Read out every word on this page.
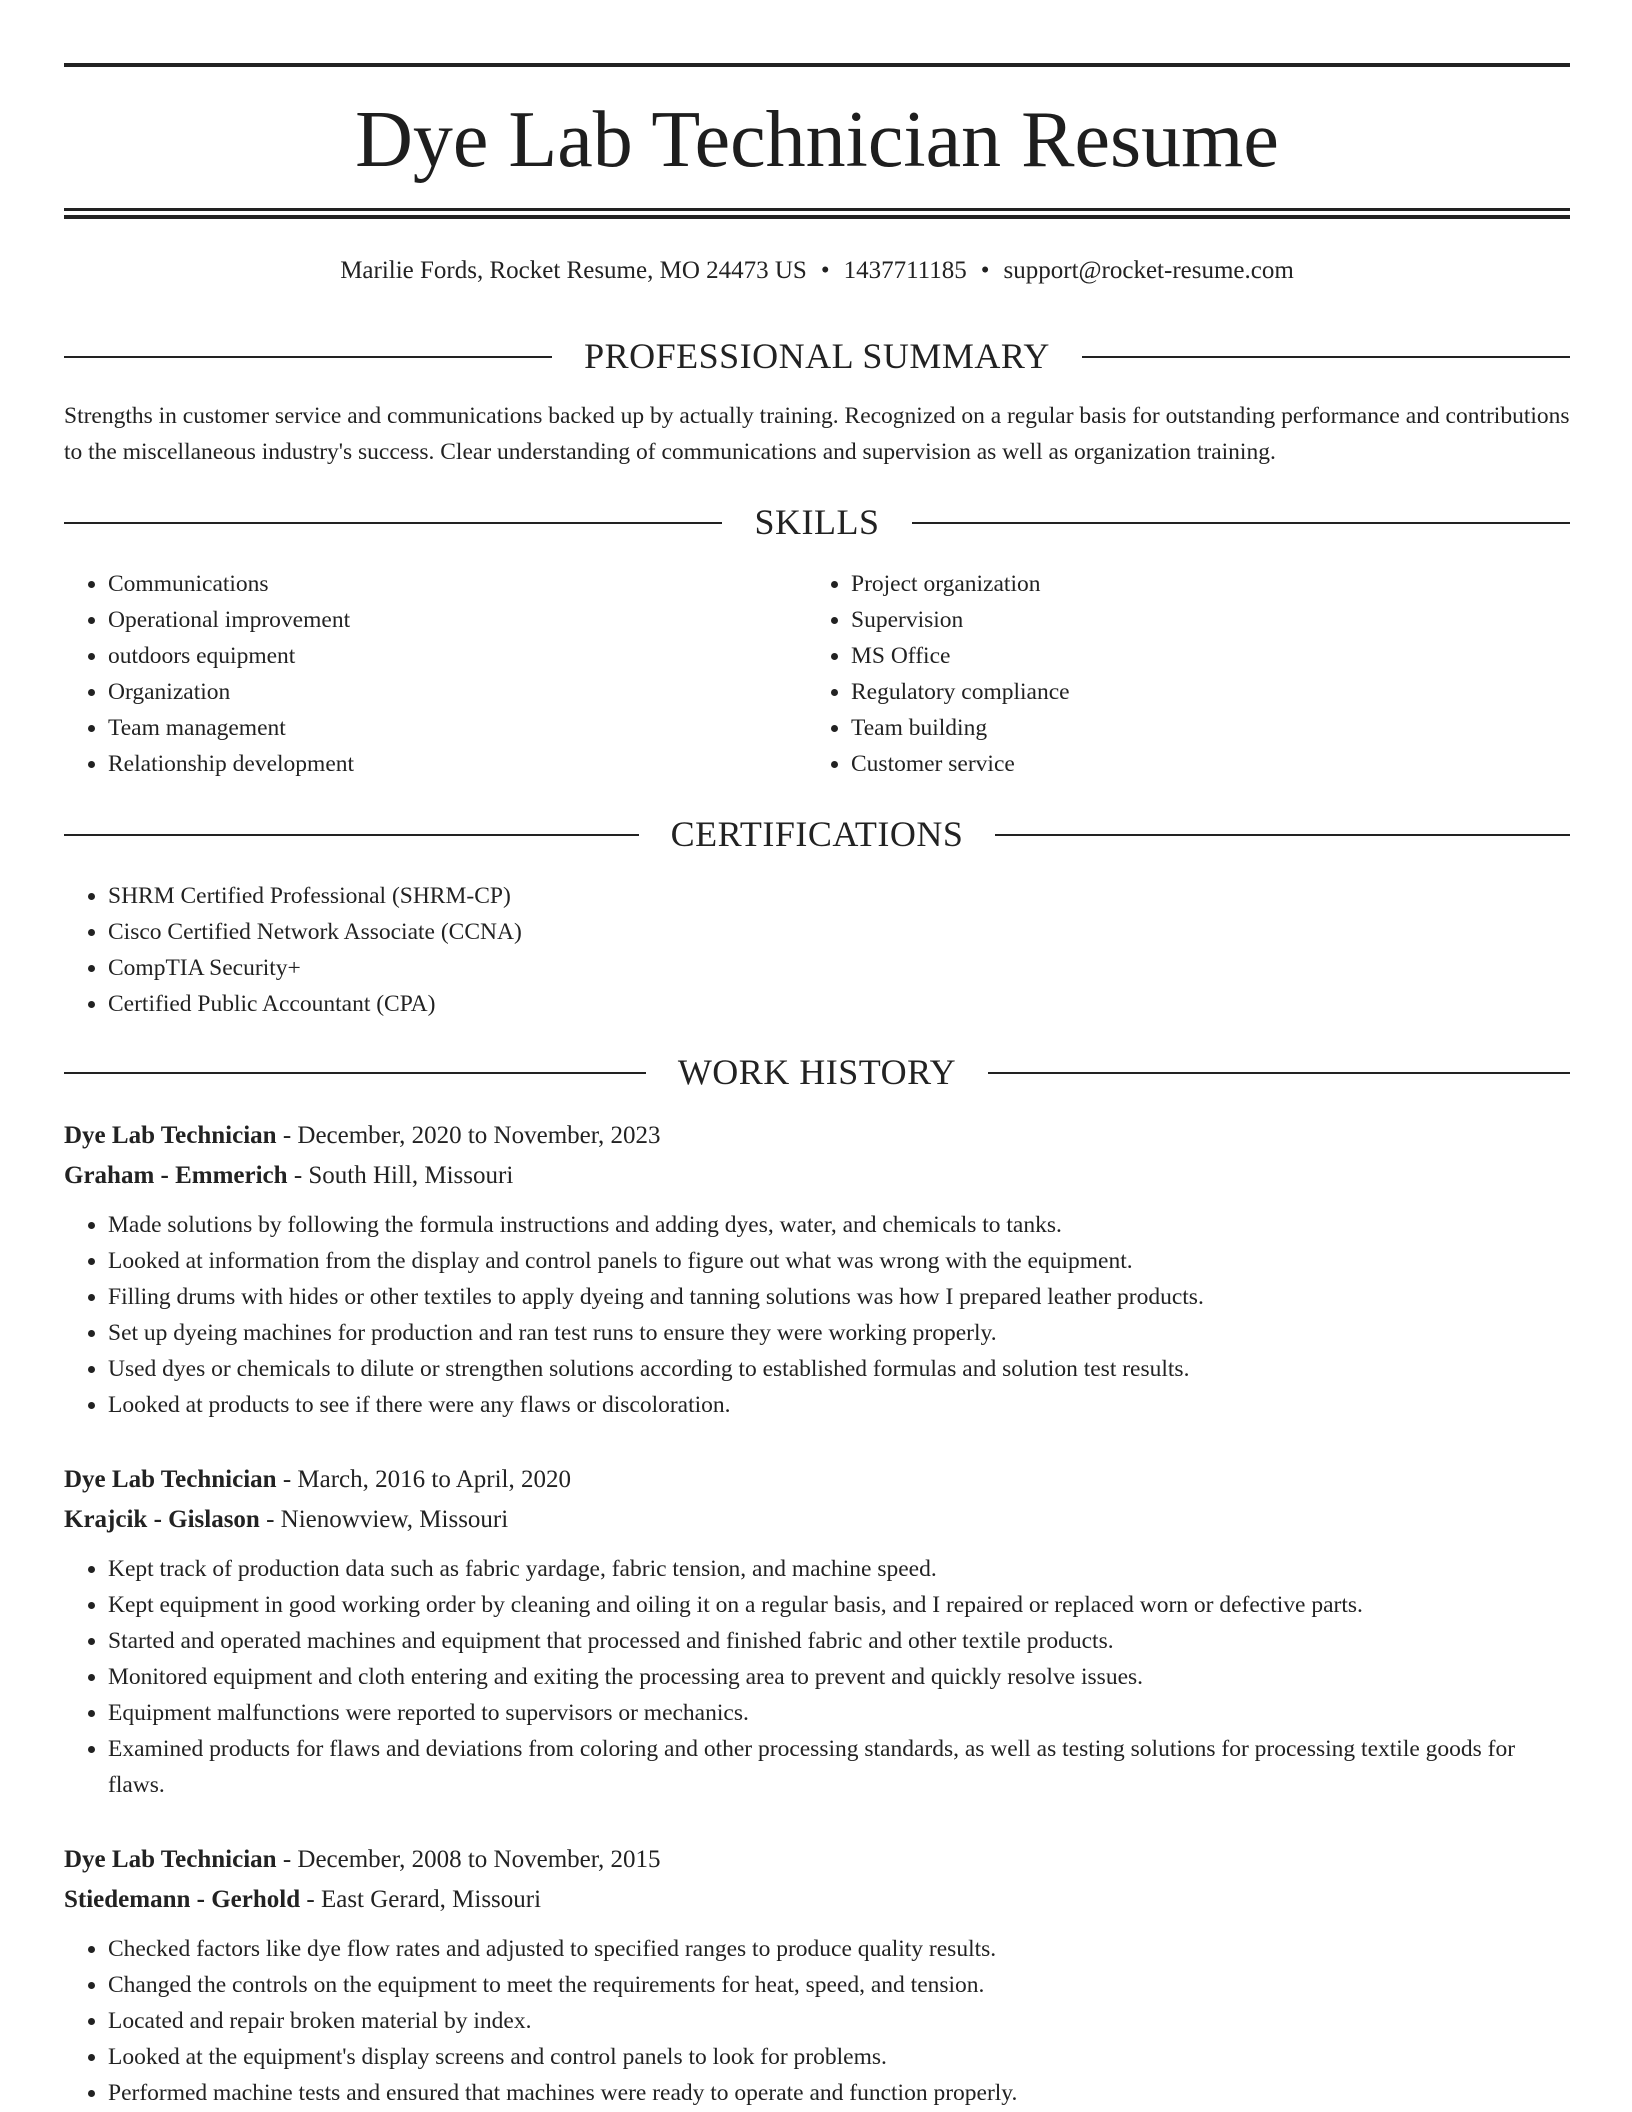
Dye Lab Technician Resume
Marilie Fords, Rocket Resume, MO 24473 US • 1437711185 • support@rocket-resume.com
PROFESSIONAL SUMMARY

Strengths in customer service and communications backed up by actually training. Recognized on a regular basis for outstanding performance and contributions to the miscellaneous industry's success. Clear understanding of communications and supervision as well as organization training.

SKILLS
• Communications
• Operational improvement
• outdoors equipment
• Organization
• Team management
• Relationship development
• Project organization
• Supervision
• MS Office
• Regulatory compliance
• Team building
• Customer service
CERTIFICATIONS
• SHRM Certified Professional (SHRM-CP)
• Cisco Certified Network Associate (CCNA)
• CompTIA Security+
• Certified Public Accountant (CPA)
WORK HISTORY

Dye Lab Technician - December, 2020 to November, 2023

Graham - Emmerich - South Hill, Missouri

• Made solutions by following the formula instructions and adding dyes, water, and chemicals to tanks.
• Looked at information from the display and control panels to figure out what was wrong with the equipment.
• Filling drums with hides or other textiles to apply dyeing and tanning solutions was how I prepared leather products.
• Set up dyeing machines for production and ran test runs to ensure they were working properly.
• Used dyes or chemicals to dilute or strengthen solutions according to established formulas and solution test results.
• Looked at products to see if there were any flaws or discoloration.

Dye Lab Technician - March, 2016 to April, 2020

Krajcik - Gislason - Nienowview, Missouri

• Kept track of production data such as fabric yardage, fabric tension, and machine speed.
• Kept equipment in good working order by cleaning and oiling it on a regular basis, and I repaired or replaced worn or defective parts.
• Started and operated machines and equipment that processed and finished fabric and other textile products.
• Monitored equipment and cloth entering and exiting the processing area to prevent and quickly resolve issues.
• Equipment malfunctions were reported to supervisors or mechanics.
• Examined products for flaws and deviations from coloring and other processing standards, as well as testing solutions for processing textile goods for flaws.

Dye Lab Technician - December, 2008 to November, 2015

Stiedemann - Gerhold - East Gerard, Missouri

• Checked factors like dye flow rates and adjusted to specified ranges to produce quality results.
• Changed the controls on the equipment to meet the requirements for heat, speed, and tension.
• Located and repair broken material by index.
• Looked at the equipment's display screens and control panels to look for problems.
• Performed machine tests and ensured that machines were ready to operate and function properly.
